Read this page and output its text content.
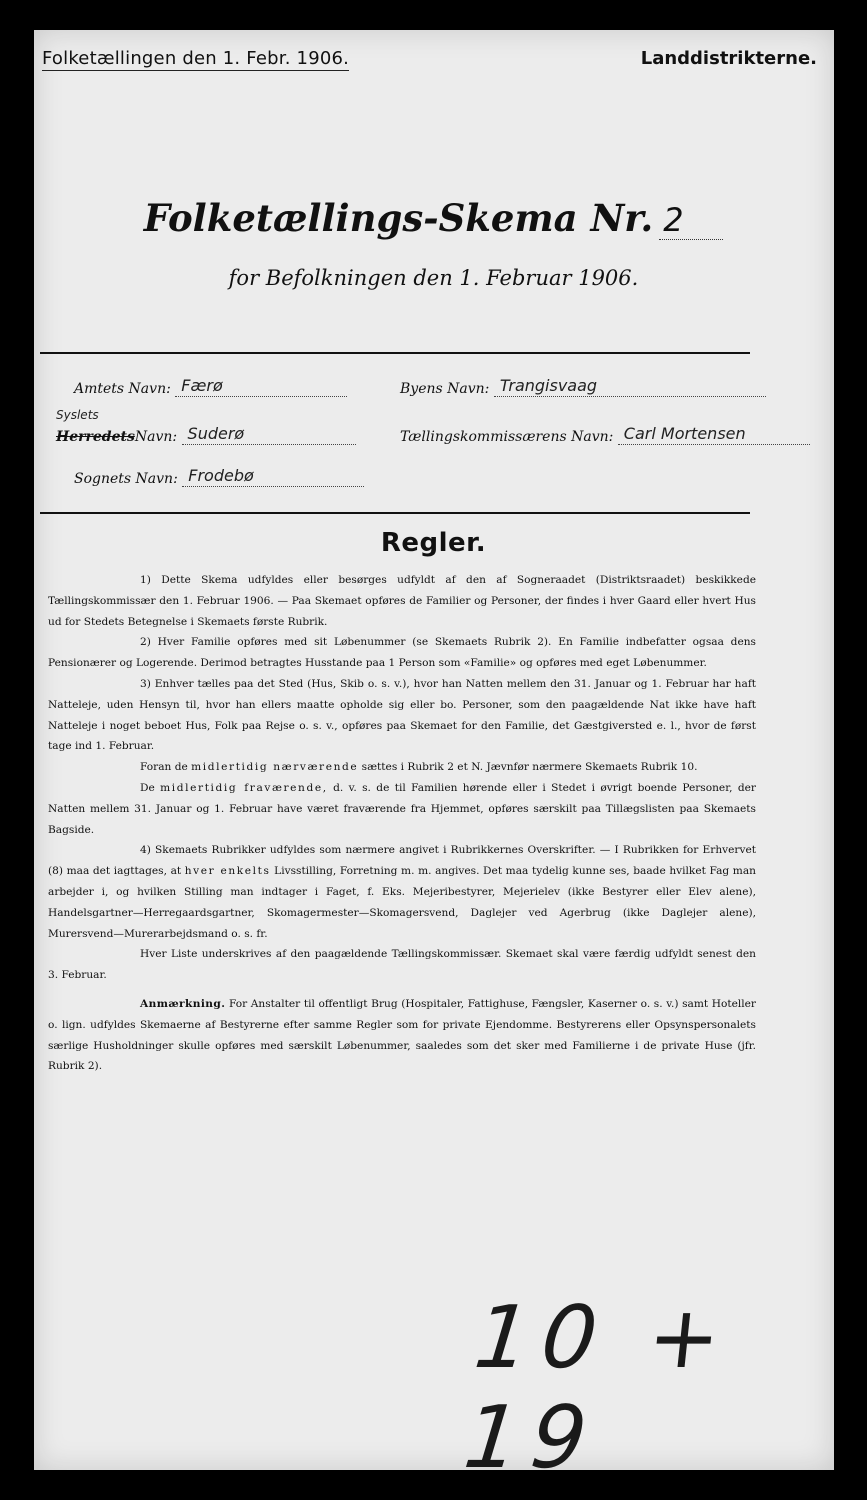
Folketællingen den 1. Febr. 1906.	Landdistrikterne.
Folketællings-Skema Nr. 2
for Befolkningen den 1. Februar 1906.
Amtets Navn: Færø	Byens Navn: Trangisvaag
Syslets
HerredetsNavn: Suderø	Tællingskommissærens Navn: Carl Mortensen
Sognets Navn: Frodebø
Regler.

1) Dette Skema udfyldes eller besørges udfyldt af den af Sogneraadet (Distriktsraadet) beskikkede Tællingskommissær den 1. Februar 1906. — Paa Skemaet opføres de Familier og Personer, der findes i hver Gaard eller hvert Hus ud for Stedets Betegnelse i Skemaets første Rubrik.

2) Hver Familie opføres med sit Løbenummer (se Skemaets Rubrik 2). En Familie indbefatter ogsaa dens Pensionærer og Logerende. Derimod betragtes Husstande paa 1 Person som «Familie» og opføres med eget Løbenummer.

3) Enhver tælles paa det Sted (Hus, Skib o. s. v.), hvor han Natten mellem den 31. Januar og 1. Februar har haft Natteleje, uden Hensyn til, hvor han ellers maatte opholde sig eller bo. Personer, som den paagældende Nat ikke have haft Natteleje i noget beboet Hus, Folk paa Rejse o. s. v., opføres paa Skemaet for den Familie, det Gæstgiversted e. l., hvor de først tage ind 1. Februar.

Foran de midlertidig nærværende sættes i Rubrik 2 et N. Jævnfør nærmere Skemaets Rubrik 10.

De midlertidig fraværende, d. v. s. de til Familien hørende eller i Stedet i øvrigt boende Personer, der Natten mellem 31. Januar og 1. Februar have været fraværende fra Hjemmet, opføres særskilt paa Tillægslisten paa Skemaets Bagside.

4) Skemaets Rubrikker udfyldes som nærmere angivet i Rubrikkernes Overskrifter. — I Rubrikken for Erhvervet (8) maa det iagttages, at hver enkelts Livsstilling, Forretning m. m. angives. Det maa tydelig kunne ses, baade hvilket Fag man arbejder i, og hvilken Stilling man indtager i Faget, f. Eks. Mejeribestyrer, Mejerielev (ikke Bestyrer eller Elev alene), Handelsgartner—Herregaardsgartner, Skomagermester—Skomagersvend, Daglejer ved Agerbrug (ikke Daglejer alene), Murersvend—Murerarbejdsmand o. s. fr.

Hver Liste underskrives af den paagældende Tællingskommissær. Skemaet skal være færdig udfyldt senest den 3. Februar.

Anmærkning. For Anstalter til offentligt Brug (Hospitaler, Fattighuse, Fængsler, Kaserner o. s. v.) samt Hoteller o. lign. udfyldes Skemaerne af Bestyrerne efter samme Regler som for private Ejendomme. Bestyrerens eller Opsynspersonalets særlige Husholdninger skulle opføres med særskilt Løbenummer, saaledes som det sker med Familierne i de private Huse (jfr. Rubrik 2).

10 + 19
